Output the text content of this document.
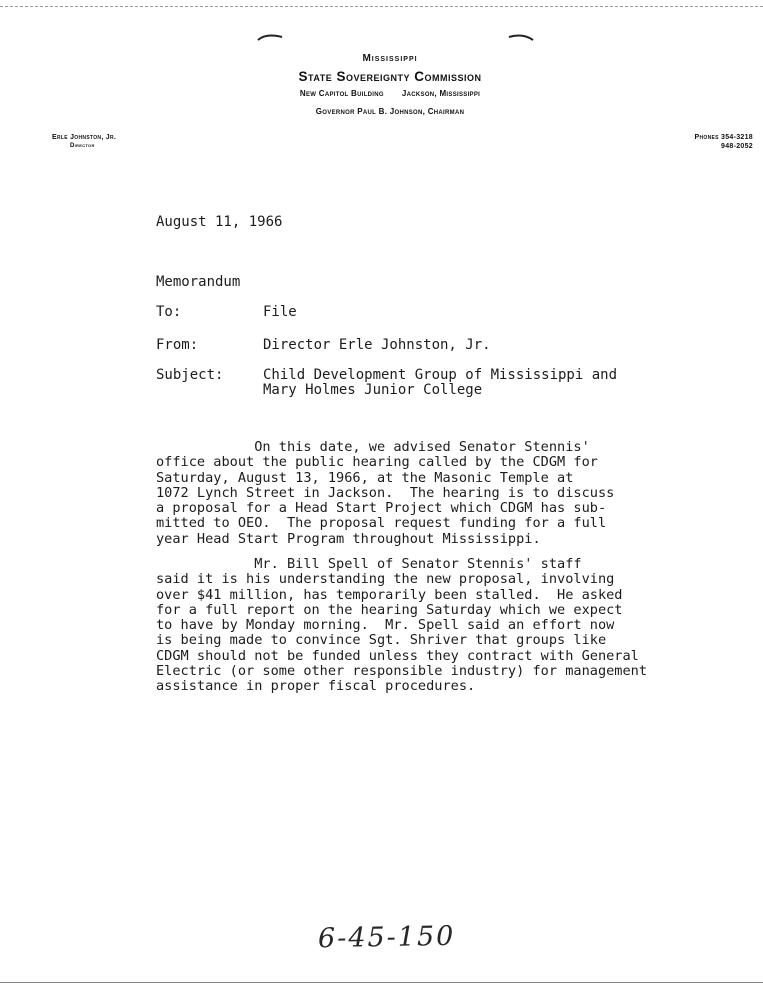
Mississippi
State Sovereignty Commission
New Capitol Building Jackson, Mississippi
Governor Paul B. Johnson, Chairman
Erle Johnston, Jr.
Director
Phones 354-3218
948-2052
August 11, 1966
Memorandum
To:	File
From:	Director Erle Johnston, Jr.
Subject:	Child Development Group of Mississippi and
Mary Holmes Junior College
On this date, we advised Senator Stennis'
office about the public hearing called by the CDGM for
Saturday, August 13, 1966, at the Masonic Temple at
1072 Lynch Street in Jackson.  The hearing is to discuss
a proposal for a Head Start Project which CDGM has sub-
mitted to OEO.  The proposal request funding for a full
year Head Start Program throughout Mississippi.
Mr. Bill Spell of Senator Stennis' staff
said it is his understanding the new proposal, involving
over $41 million, has temporarily been stalled.  He asked
for a full report on the hearing Saturday which we expect
to have by Monday morning.  Mr. Spell said an effort now
is being made to convince Sgt. Shriver that groups like
CDGM should not be funded unless they contract with General
Electric (or some other responsible industry) for management
assistance in proper fiscal procedures.
6-45-150
